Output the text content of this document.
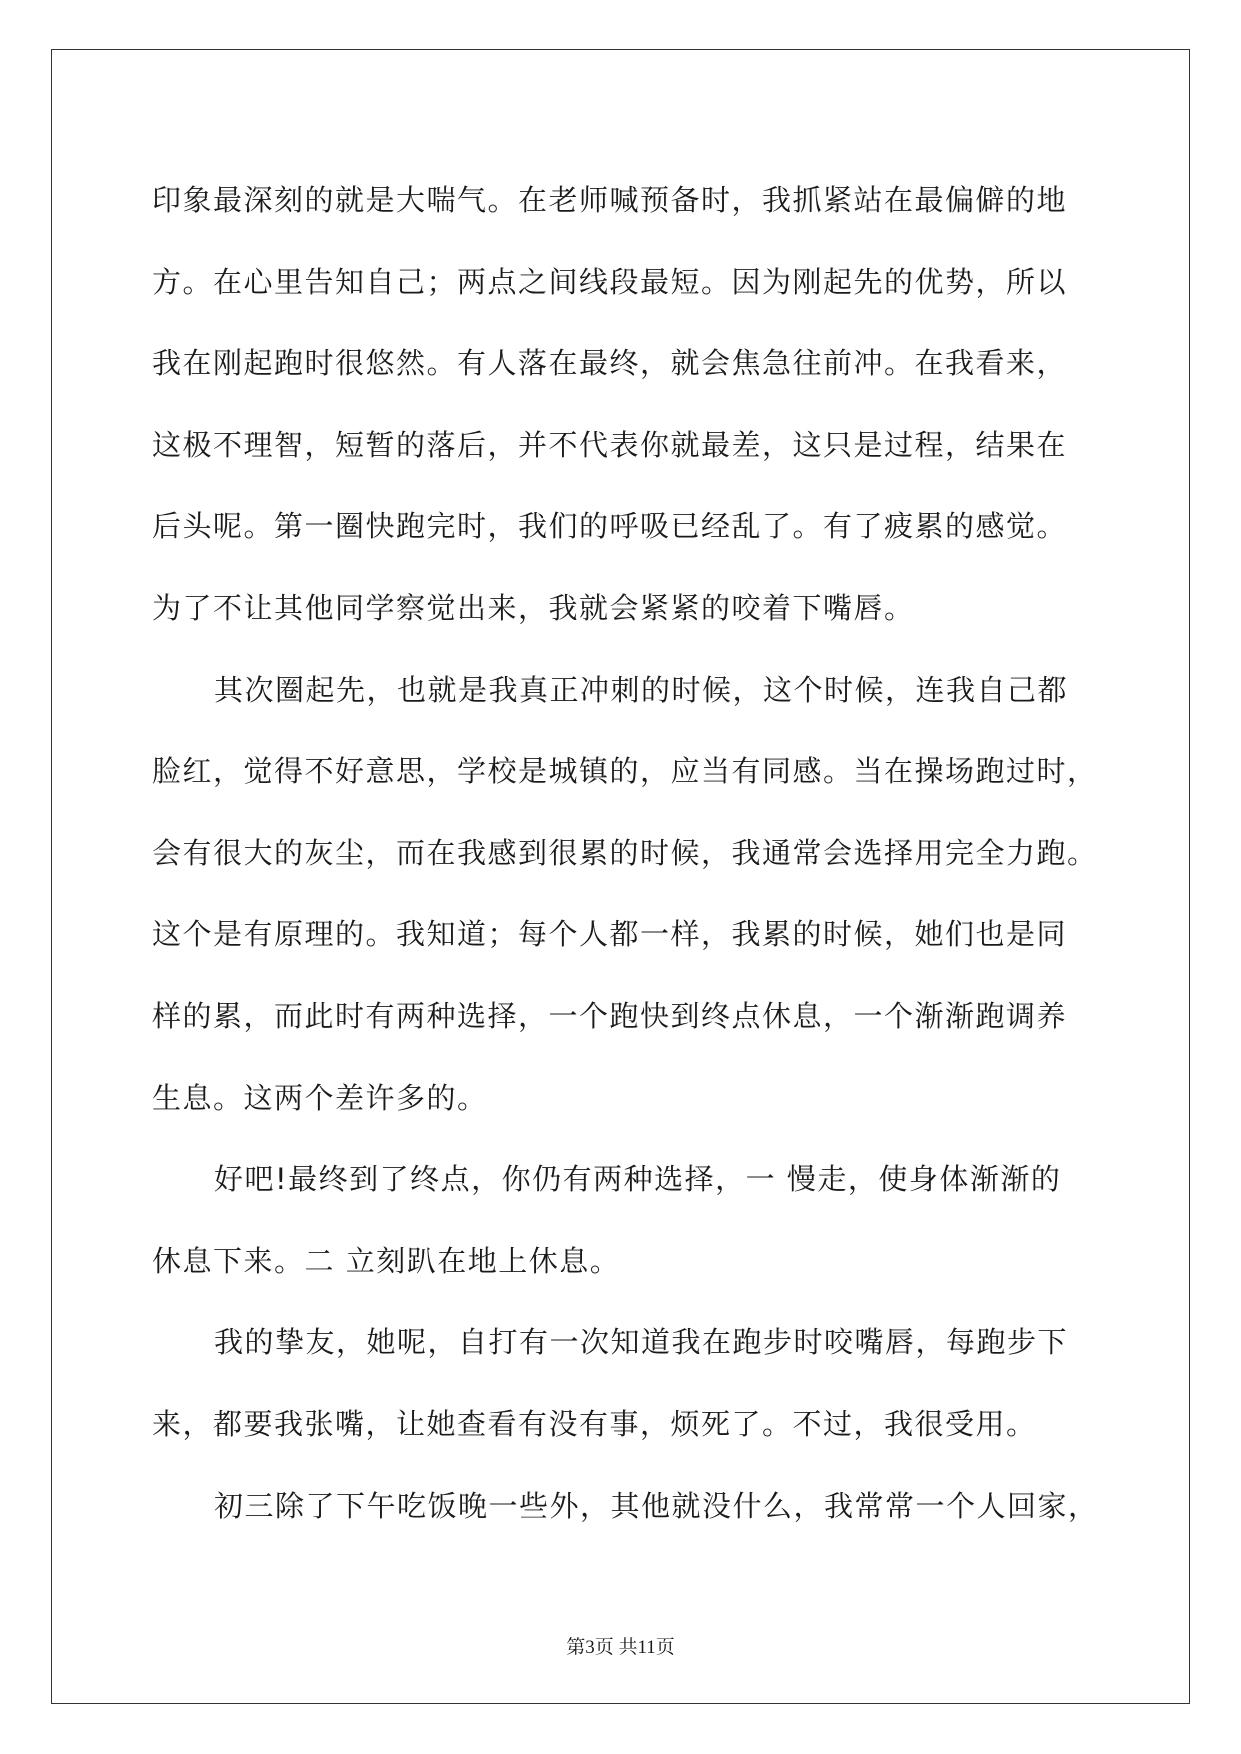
印象最深刻的就是大喘气。在老师喊预备时，我抓紧站在最偏僻的地
方。在心里告知自己；两点之间线段最短。因为刚起先的优势，所以
我在刚起跑时很悠然。有人落在最终，就会焦急往前冲。在我看来，
这极不理智，短暂的落后，并不代表你就最差，这只是过程，结果在
后头呢。第一圈快跑完时，我们的呼吸已经乱了。有了疲累的感觉。
为了不让其他同学察觉出来，我就会紧紧的咬着下嘴唇。
其次圈起先，也就是我真正冲刺的时候，这个时候，连我自己都
脸红，觉得不好意思，学校是城镇的，应当有同感。当在操场跑过时，
会有很大的灰尘，而在我感到很累的时候，我通常会选择用完全力跑。
这个是有原理的。我知道；每个人都一样，我累的时候，她们也是同
样的累，而此时有两种选择，一个跑快到终点休息，一个渐渐跑调养
生息。这两个差许多的。
好吧!最终到了终点，你仍有两种选择，一 慢走，使身体渐渐的
休息下来。二 立刻趴在地上休息。
我的挚友，她呢，自打有一次知道我在跑步时咬嘴唇，每跑步下
来，都要我张嘴，让她查看有没有事，烦死了。不过，我很受用。
初三除了下午吃饭晚一些外，其他就没什么，我常常一个人回家，
第3页 共11页
